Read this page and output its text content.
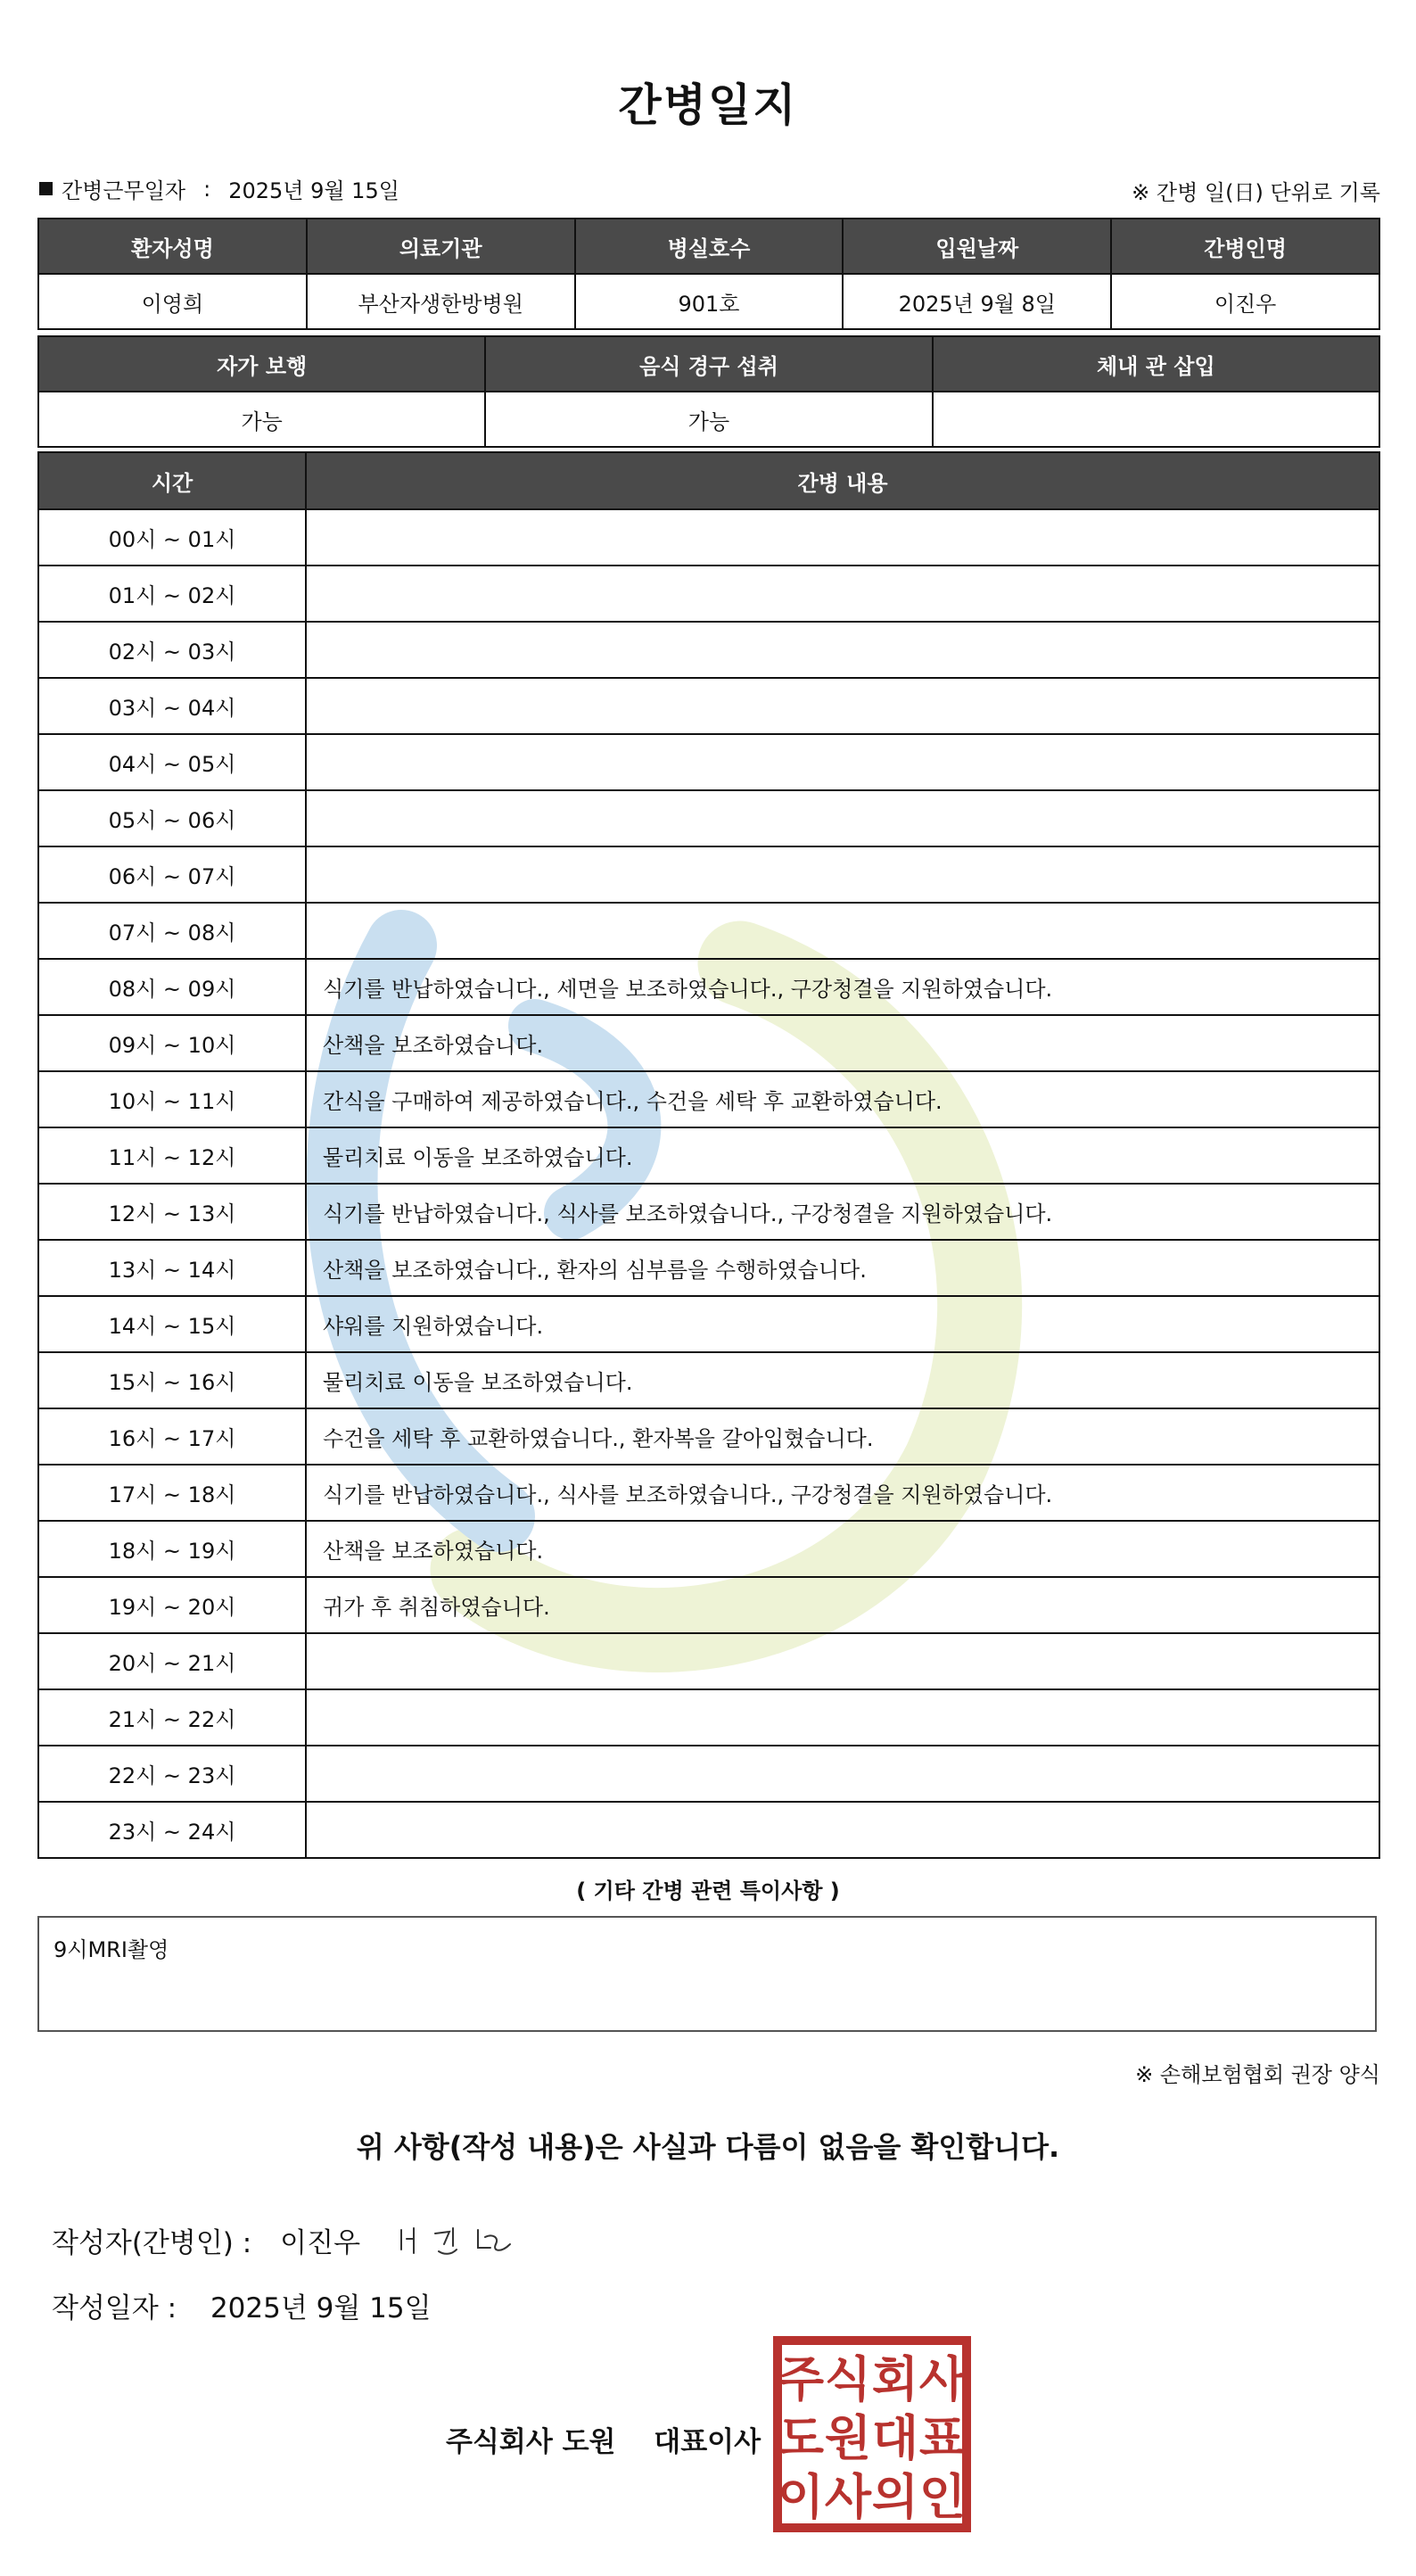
간병일지
간병근무일자 : 2025년 9월 15일	※ 간병 일(日) 단위로 기록
환자성명	의료기관	병실호수	입원날짜	간병인명
이영희	부산자생한방병원	901호	2025년 9월 8일	이진우
자가 보행	음식 경구 섭취	체내 관 삽입
가능	가능	
시간	간병 내용
00시 ~ 01시	
01시 ~ 02시	
02시 ~ 03시	
03시 ~ 04시	
04시 ~ 05시	
05시 ~ 06시	
06시 ~ 07시	
07시 ~ 08시	
08시 ~ 09시	식기를 반납하였습니다., 세면을 보조하였습니다., 구강청결을 지원하였습니다.
09시 ~ 10시	산책을 보조하였습니다.
10시 ~ 11시	간식을 구매하여 제공하였습니다., 수건을 세탁 후 교환하였습니다.
11시 ~ 12시	물리치료 이동을 보조하였습니다.
12시 ~ 13시	식기를 반납하였습니다., 식사를 보조하였습니다., 구강청결을 지원하였습니다.
13시 ~ 14시	산책을 보조하였습니다., 환자의 심부름을 수행하였습니다.
14시 ~ 15시	샤워를 지원하였습니다.
15시 ~ 16시	물리치료 이동을 보조하였습니다.
16시 ~ 17시	수건을 세탁 후 교환하였습니다., 환자복을 갈아입혔습니다.
17시 ~ 18시	식기를 반납하였습니다., 식사를 보조하였습니다., 구강청결을 지원하였습니다.
18시 ~ 19시	산책을 보조하였습니다.
19시 ~ 20시	귀가 후 취침하였습니다.
20시 ~ 21시	
21시 ~ 22시	
22시 ~ 23시	
23시 ~ 24시	
( 기타 간병 관련 특이사항 )
9시MRI촬영
※ 손해보험협회 권장 양식
위 사항(작성 내용)은 사실과 다름이 없음을 확인합니다.
작성자(간병인) : 이진우
작성일자 : 2025년 9월 15일
주식회사 도원 대표이사
주 식 회 사
도 원 대 표
이 사 의 인
